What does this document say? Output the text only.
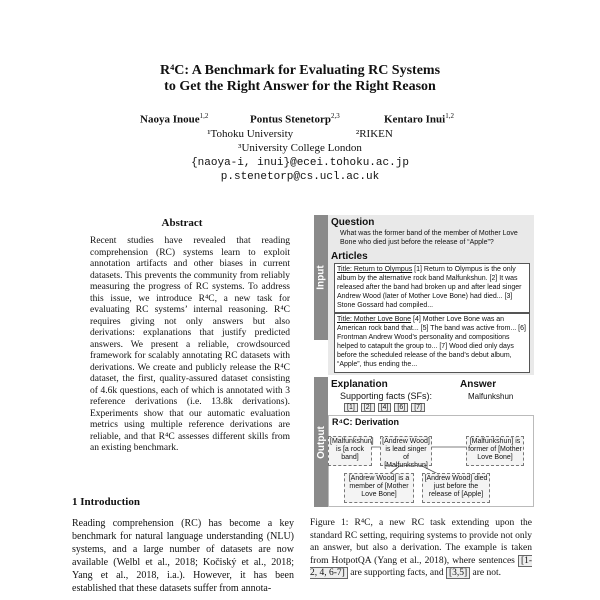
R⁴C: A Benchmark for Evaluating RC Systems
to Get the Right Answer for the Right Reason
Naoya Inoue$^{1,2}$	Pontus Stenetorp$^{2,3}$	Kentaro Inui$^{1,2}$
¹Tohoku University	²RIKEN
³University College London
{naoya-i, inui}@ecei.tohoku.ac.jp
p.stenetorp@cs.ucl.ac.uk
Abstract
Recent studies have revealed that reading comprehension (RC) systems learn to exploit annotation artifacts and other biases in current datasets. This prevents the community from reliably measuring the progress of RC systems. To address this issue, we introduce R⁴C, a new task for evaluating RC systems’ internal reasoning. R⁴C requires giving not only answers but also derivations: explanations that justify predicted answers. We present a reliable, crowdsourced framework for scalably annotating RC datasets with derivations. We create and publicly release the R⁴C dataset, the first, quality-assured dataset consisting of 4.6k questions, each of which is annotated with 3 reference derivations (i.e. 13.8k derivations). Experiments show that our automatic evaluation metrics using multiple reference derivations are reliable, and that R⁴C assesses different skills from an existing benchmark.
1 Introduction
Reading comprehension (RC) has become a key benchmark for natural language understanding (NLU) systems, and a large number of datasets are now available (Welbl et al., 2018; Kočiský et al., 2018; Yang et al., 2018, i.a.). However, it has been established that these datasets suffer from annota-
Input
Question
What was the former band of the member of Mother Love Bone who died just before the release of “Apple”?
Articles
Title: Return to Olympus [1] Return to Olympus is the only album by the alternative rock band Malfunkshun. [2] It was released after the band had broken up and after lead singer Andrew Wood (later of Mother Love Bone) had died... [3] Stone Gossard had compiled...
Title: Mother Love Bone [4] Mother Love Bone was an American rock band that... [5] The band was active from... [6] Frontman Andrew Wood’s personality and compositions helped to catapult the group to... [7] Wood died only days before the scheduled release of the band’s debut album, “Apple”, thus ending the...
Output
Explanation	Answer
Malfunkshun
Supporting facts (SFs):
[1]	[2]	[4]	[6]	[7]
R⁴C: Derivation
[Malfunkshun] is [a rock band]
[Andrew Wood] is lead singer of [Malfunkshun]
[Malfunkshun] is former of [Mother Love Bone]
[Andrew Wood] is a member of [Mother Love Bone]
[Andrew Wood] died just before the release of [Apple]
Figure 1: R⁴C, a new RC task extending upon the standard RC setting, requiring systems to provide not only an answer, but also a derivation. The example is taken from HotpotQA (Yang et al., 2018), where sentences [1-2, 4, 6-7] are supporting facts, and [3,5] are not.
